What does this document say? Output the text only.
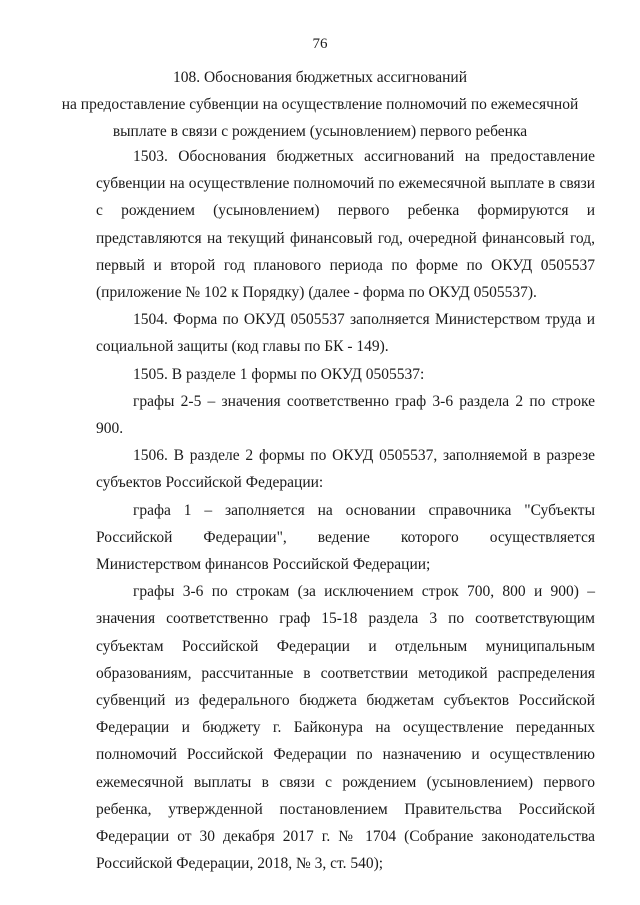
76
108. Обоснования бюджетных ассигнований
на предоставление субвенции на осуществление полномочий по ежемесячной
выплате в связи с рождением (усыновлением) первого ребенка

1503. Обоснования бюджетных ассигнований на предоставление субвенции на осуществление полномочий по ежемесячной выплате в связи с рождением (усыновлением) первого ребенка формируются и представляются на текущий финансовый год, очередной финансовый год, первый и второй год планового периода по форме по ОКУД 0505537 (приложение № 102 к Порядку) (далее - форма по ОКУД 0505537).

1504. Форма по ОКУД 0505537 заполняется Министерством труда и социальной защиты (код главы по БК - 149).

1505. В разделе 1 формы по ОКУД 0505537:

графы 2-5 – значения соответственно граф 3-6 раздела 2 по строке 900.

1506. В разделе 2 формы по ОКУД 0505537, заполняемой в разрезе субъектов Российской Федерации:

графа 1 – заполняется на основании справочника "Субъекты Российской Федерации", ведение которого осуществляется Министерством финансов Российской Федерации;

графы 3-6 по строкам (за исключением строк 700, 800 и 900) – значения соответственно граф 15-18 раздела 3 по соответствующим субъектам Российской Федерации и отдельным муниципальным образованиям, рассчитанные в соответствии методикой распределения субвенций из федерального бюджета бюджетам субъектов Российской Федерации и бюджету г. Байконура на осуществление переданных полномочий Российской Федерации по назначению и осуществлению ежемесячной выплаты в связи с рождением (усыновлением) первого ребенка, утвержденной постановлением Правительства Российской Федерации от 30 декабря 2017 г. № 1704 (Собрание законодательства Российской Федерации, 2018, № 3, ст. 540);
